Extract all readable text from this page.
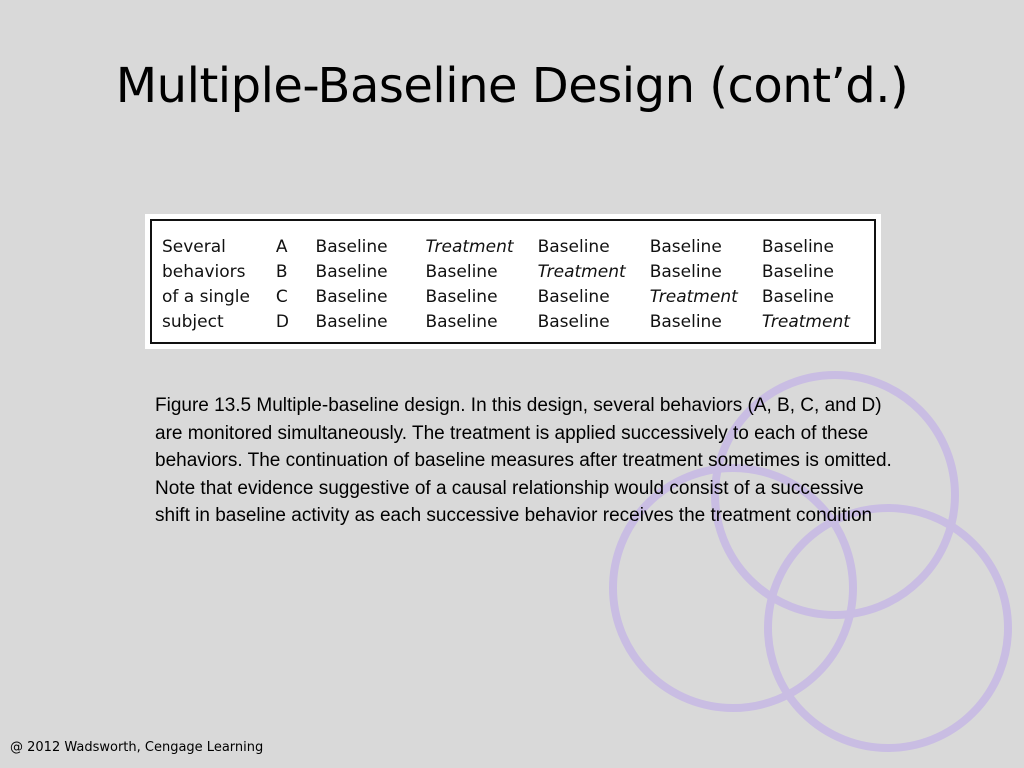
Multiple-Baseline Design (cont’d.)
Several	A	Baseline	Treatment	Baseline	Baseline	Baseline
behaviors	B	Baseline	Baseline	Treatment	Baseline	Baseline
of a single	C	Baseline	Baseline	Baseline	Treatment	Baseline
subject	D	Baseline	Baseline	Baseline	Baseline	Treatment
Figure 13.5 Multiple-baseline design. In this design, several behaviors (A, B, C, and D) are monitored simultaneously. The treatment is applied successively to each of these behaviors. The continuation of baseline measures after treatment sometimes is omitted. Note that evidence suggestive of a causal relationship would consist of a successive shift in baseline activity as each successive behavior receives the treatment condition
@ 2012 Wadsworth, Cengage Learning
